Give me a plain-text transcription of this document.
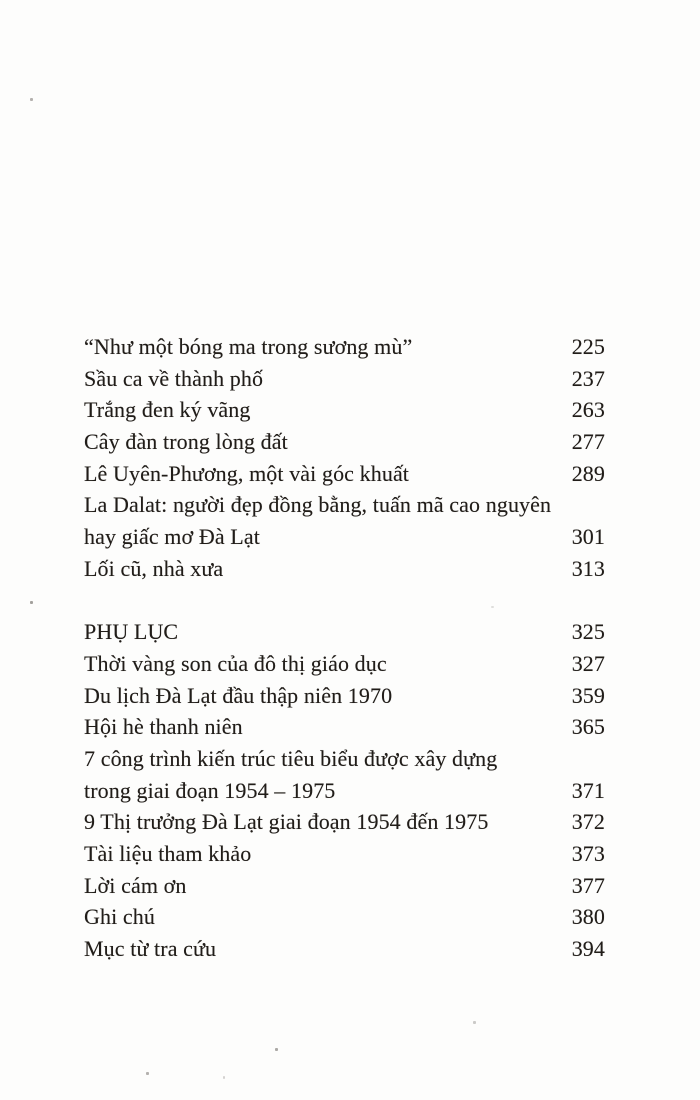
“Như một bóng ma trong sương mù”	225
Sầu ca về thành phố	237
Trắng đen ký vãng	263
Cây đàn trong lòng đất	277
Lê Uyên-Phương, một vài góc khuất	289
La Dalat: người đẹp đồng bằng, tuấn mã cao nguyên
hay giấc mơ Đà Lạt	301
Lối cũ, nhà xưa	313
PHỤ LỤC	325
Thời vàng son của đô thị giáo dục	327
Du lịch Đà Lạt đầu thập niên 1970	359
Hội hè thanh niên	365
7 công trình kiến trúc tiêu biểu được xây dựng
trong giai đoạn 1954 – 1975	371
9 Thị trưởng Đà Lạt giai đoạn 1954 đến 1975	372
Tài liệu tham khảo	373
Lời cám ơn	377
Ghi chú	380
Mục từ tra cứu	394
